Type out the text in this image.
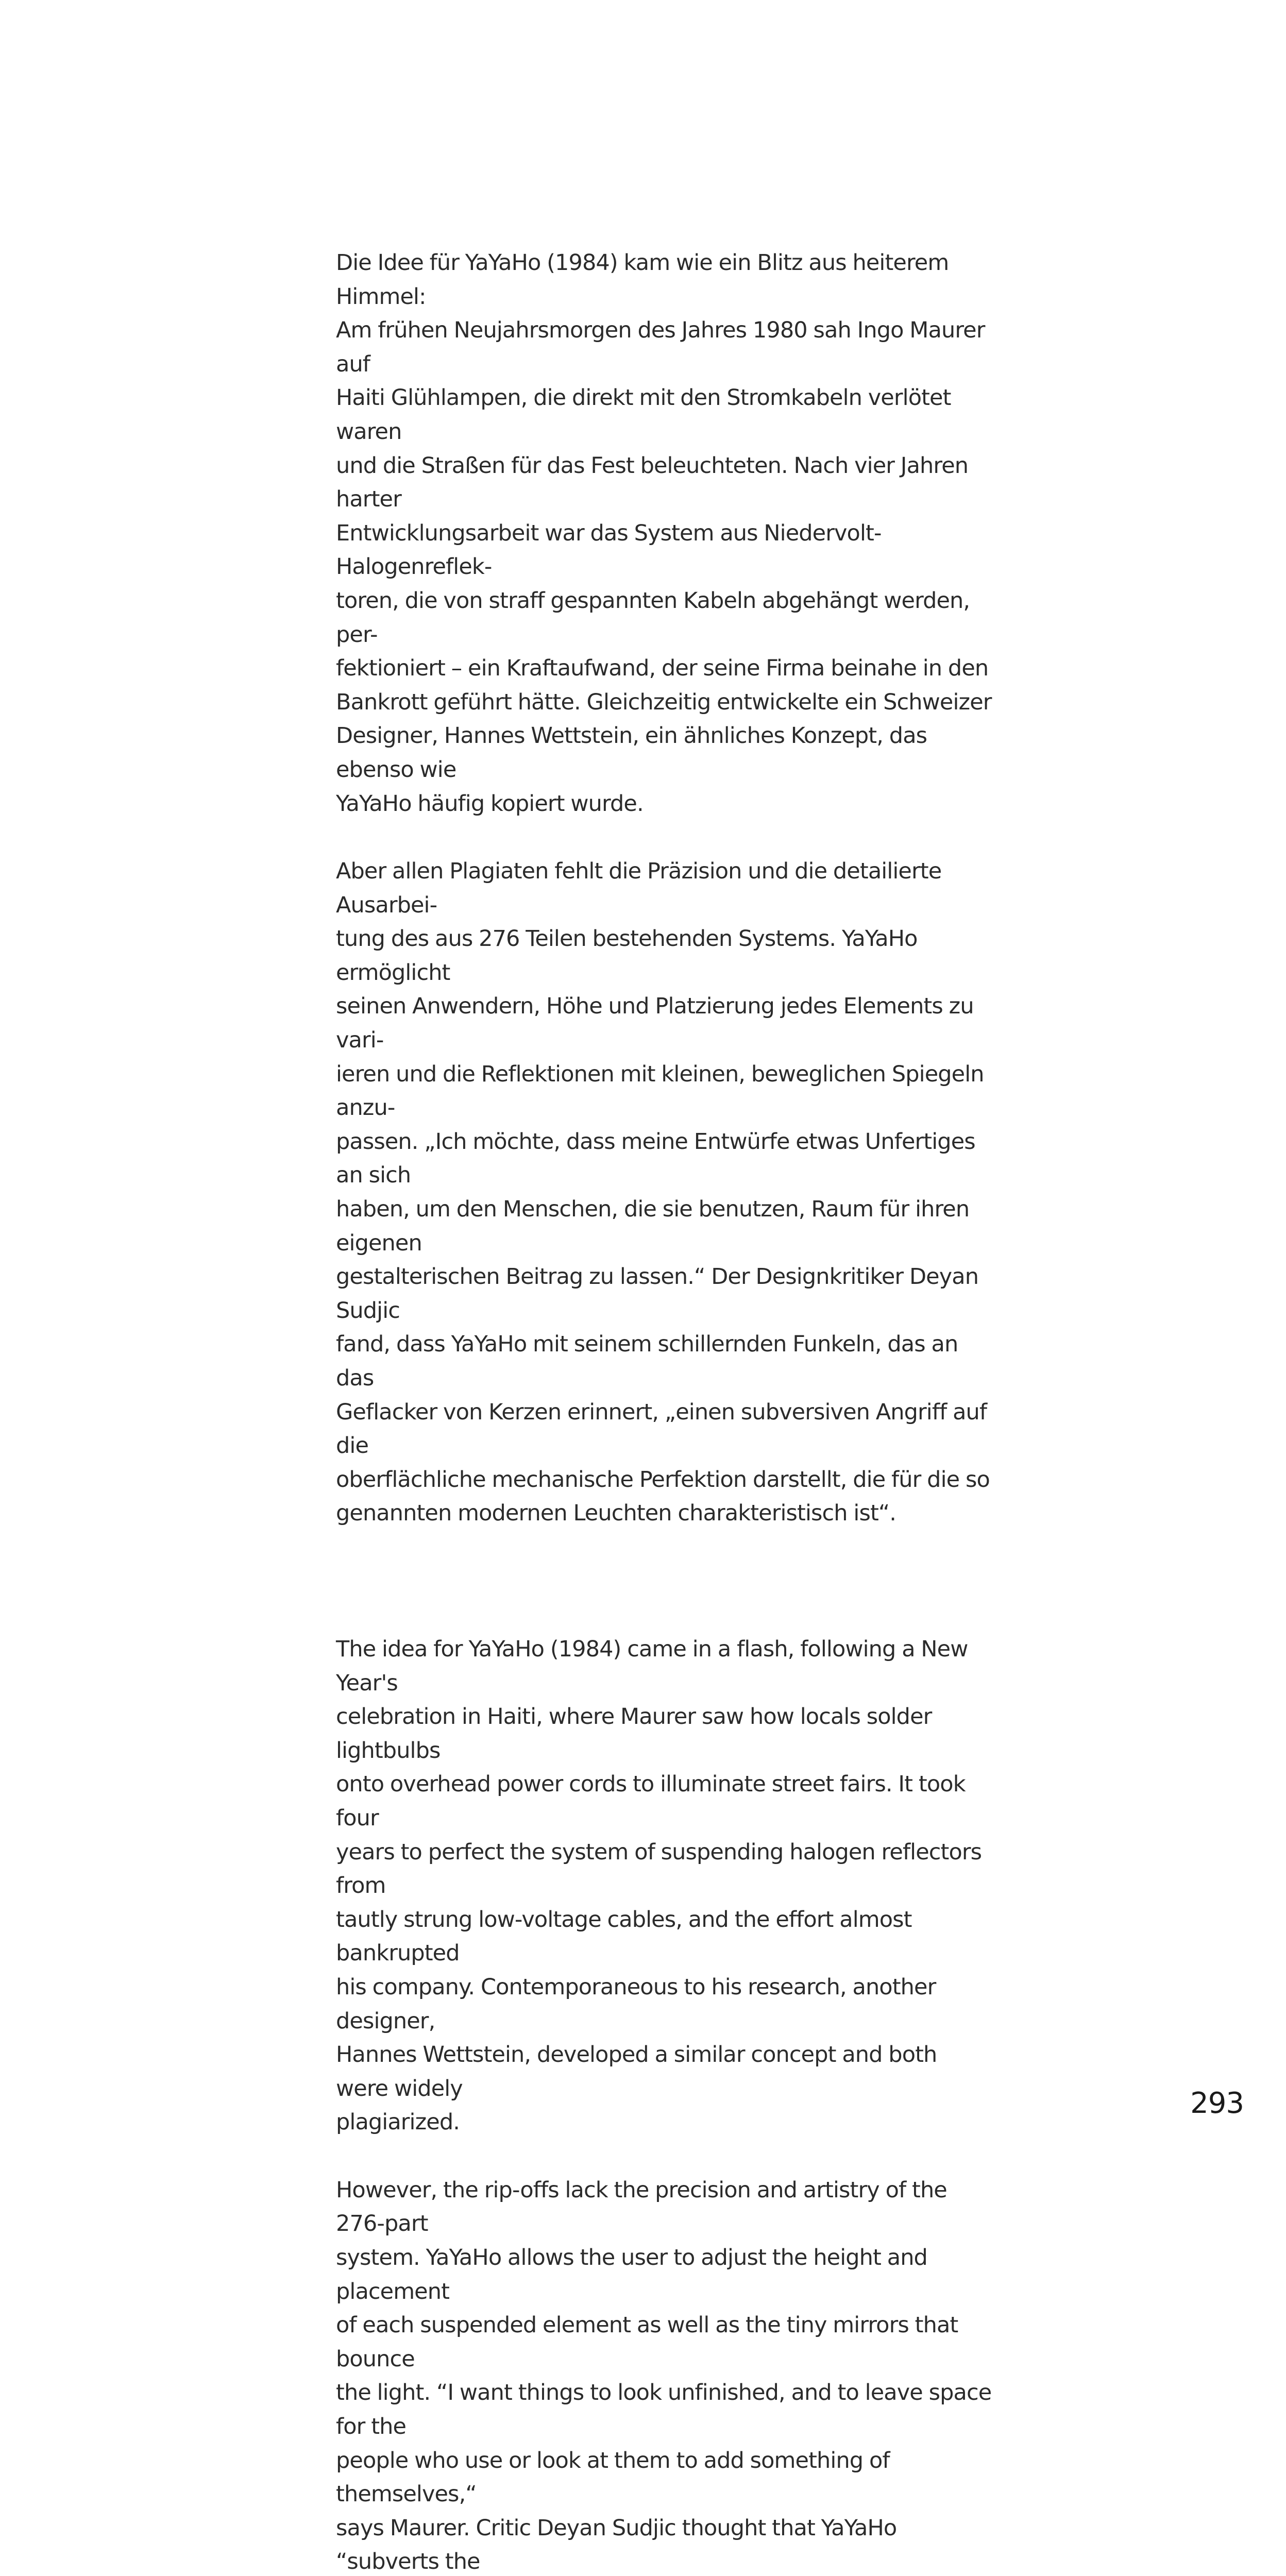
Die Idee für YaYaHo (1984) kam wie ein Blitz aus heiterem Himmel:
Am frühen Neujahrsmorgen des Jahres 1980 sah Ingo Maurer auf
Haiti Glühlampen, die direkt mit den Stromkabeln verlötet waren
und die Straßen für das Fest beleuchteten. Nach vier Jahren harter
Entwicklungsarbeit war das System aus Niedervolt-Halogenreflek-
toren, die von straff gespannten Kabeln abgehängt werden, per-
fektioniert – ein Kraftaufwand, der seine Firma beinahe in den
Bankrott geführt hätte. Gleichzeitig entwickelte ein Schweizer
Designer, Hannes Wettstein, ein ähnliches Konzept, das ebenso wie
YaYaHo häufig kopiert wurde.

Aber allen Plagiaten fehlt die Präzision und die detailierte Ausarbei-
tung des aus 276 Teilen bestehenden Systems. YaYaHo ermöglicht
seinen Anwendern, Höhe und Platzierung jedes Elements zu vari-
ieren und die Reflektionen mit kleinen, beweglichen Spiegeln anzu-
passen. „Ich möchte, dass meine Entwürfe etwas Unfertiges an sich
haben, um den Menschen, die sie benutzen, Raum für ihren eigenen
gestalterischen Beitrag zu lassen.“ Der Designkritiker Deyan Sudjic
fand, dass YaYaHo mit seinem schillernden Funkeln, das an das
Geflacker von Kerzen erinnert, „einen subversiven Angriff auf die
oberflächliche mechanische Perfektion darstellt, die für die so
genannten modernen Leuchten charakteristisch ist“.

The idea for YaYaHo (1984) came in a flash, following a New Year's
celebration in Haiti, where Maurer saw how locals solder lightbulbs
onto overhead power cords to illuminate street fairs. It took four
years to perfect the system of suspending halogen reflectors from
tautly strung low-voltage cables, and the effort almost bankrupted
his company. Contemporaneous to his research, another designer,
Hannes Wettstein, developed a similar concept and both were widely
plagiarized.

However, the rip-offs lack the precision and artistry of the 276-part
system. YaYaHo allows the user to adjust the height and placement
of each suspended element as well as the tiny mirrors that bounce
the light. “I want things to look unfinished, and to leave space for the
people who use or look at them to add something of themselves,“
says Maurer. Critic Deyan Sudjic thought that YaYaHo “subverts the

293
